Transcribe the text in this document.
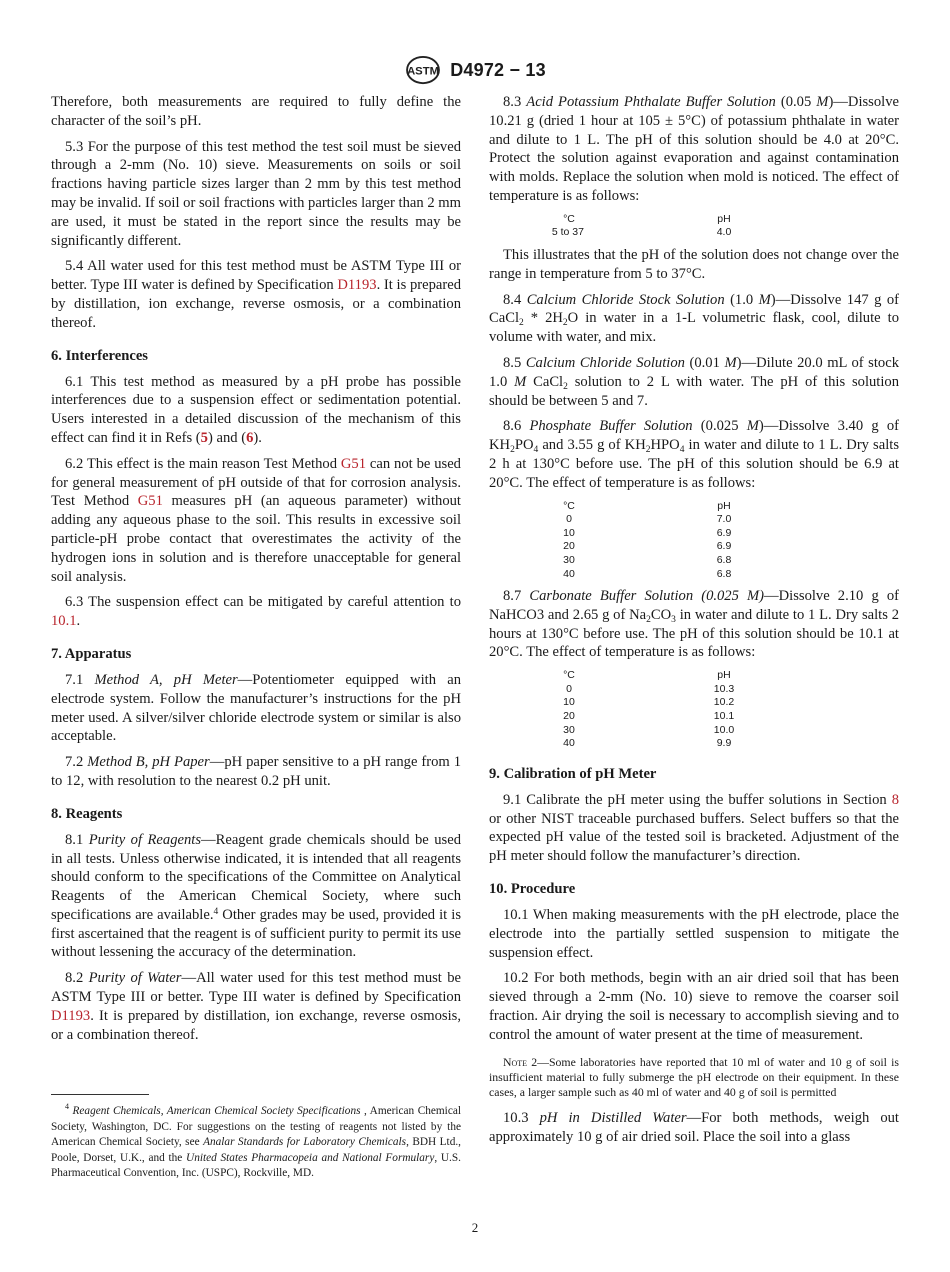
ASTM D4972 − 13

Therefore, both measurements are required to fully define the character of the soil’s pH.

5.3 For the purpose of this test method the test soil must be sieved through a 2-mm (No. 10) sieve. Measurements on soils or soil fractions having particle sizes larger than 2 mm by this test method may be invalid. If soil or soil fractions with particles larger than 2 mm are used, it must be stated in the report since the results may be significantly different.

5.4 All water used for this test method must be ASTM Type III or better. Type III water is defined by Specification D1193. It is prepared by distillation, ion exchange, reverse osmosis, or a combination thereof.

6. Interferences

6.1 This test method as measured by a pH probe has possible interferences due to a suspension effect or sedimentation potential. Users interested in a detailed discussion of the mechanism of this effect can find it in Refs (5) and (6).

6.2 This effect is the main reason Test Method G51 can not be used for general measurement of pH outside of that for corrosion analysis. Test Method G51 measures pH (an aqueous parameter) without adding any aqueous phase to the soil. This results in excessive soil particle-pH probe contact that overestimates the activity of the hydrogen ions in solution and is therefore unacceptable for general soil analysis.

6.3 The suspension effect can be mitigated by careful attention to 10.1.

7. Apparatus

7.1 Method A, pH Meter—Potentiometer equipped with an electrode system. Follow the manufacturer’s instructions for the pH meter used. A silver/silver chloride electrode system or similar is also acceptable.

7.2 Method B, pH Paper—pH paper sensitive to a pH range from 1 to 12, with resolution to the nearest 0.2 pH unit.

8. Reagents

8.1 Purity of Reagents—Reagent grade chemicals should be used in all tests. Unless otherwise indicated, it is intended that all reagents should conform to the specifications of the Committee on Analytical Reagents of the American Chemical Society, where such specifications are available.$^4$ Other grades may be used, provided it is first ascertained that the reagent is of sufficient purity to permit its use without lessening the accuracy of the determination.

8.2 Purity of Water—All water used for this test method must be ASTM Type III or better. Type III water is defined by Specification D1193. It is prepared by distillation, ion exchange, reverse osmosis, or a combination thereof.

$^4$ Reagent Chemicals, American Chemical Society Specifications , American Chemical Society, Washington, DC. For suggestions on the testing of reagents not listed by the American Chemical Society, see Analar Standards for Laboratory Chemicals, BDH Ltd., Poole, Dorset, U.K., and the United States Pharmacopeia and National Formulary, U.S. Pharmaceutical Convention, Inc. (USPC), Rockville, MD.

8.3 Acid Potassium Phthalate Buffer Solution (0.05 M)—Dissolve 10.21 g (dried 1 hour at 105 ± 5°C) of potassium phthalate in water and dilute to 1 L. The pH of this solution should be 4.0 at 20°C. Protect the solution against evaporation and against contamination with molds. Replace the solution when mold is noticed. The effect of temperature is as follows:

°C	pH	
5 to 37	4.0	

This illustrates that the pH of the solution does not change over the range in temperature from 5 to 37°C.

8.4 Calcium Chloride Stock Solution (1.0 M)—Dissolve 147 g of CaCl$_2$ * $2H_2O$ in water in a 1-L volumetric flask, cool, dilute to volume with water, and mix.

8.5 Calcium Chloride Solution (0.01 M)—Dilute 20.0 mL of stock 1.0 M CaCl$_2$ solution to 2 L with water. The pH of this solution should be between 5 and 7.

8.6 Phosphate Buffer Solution (0.025 M)—Dissolve 3.40 g of $KH_2PO_4$ and 3.55 g of $KH_2HPO_4$ in water and dilute to 1 L. Dry salts 2 h at 130°C before use. The pH of this solution should be 6.9 at 20°C. The effect of temperature is as follows:

°C	pH	
0	7.0	
10	6.9	
20	6.9	
30	6.8	
40	6.8	

8.7 Carbonate Buffer Solution (0.025 M)—Dissolve 2.10 g of NaHCO3 and 2.65 g of $Na_2CO_3$ in water and dilute to 1 L. Dry salts 2 hours at 130°C before use. The pH of this solution should be 10.1 at 20°C. The effect of temperature is as follows:

°C	pH	
0	10.3	
10	10.2	
20	10.1	
30	10.0	
40	9.9	
9. Calibration of pH Meter

9.1 Calibrate the pH meter using the buffer solutions in Section 8 or other NIST traceable purchased buffers. Select buffers so that the expected pH value of the tested soil is bracketed. Adjustment of the pH meter should follow the manufacturer’s direction.

10. Procedure

10.1 When making measurements with the pH electrode, place the electrode into the partially settled suspension to mitigate the suspension effect.

10.2 For both methods, begin with an air dried soil that has been sieved through a 2-mm (No. 10) sieve to remove the coarser soil fraction. Air drying the soil is necessary to accomplish sieving and to control the amount of water present at the time of measurement.

Note 2—Some laboratories have reported that 10 ml of water and 10 g of soil is insufficient material to fully submerge the pH electrode on their equipment. In these cases, a larger sample such as 40 ml of water and 40 g of soil is permitted

10.3 pH in Distilled Water—For both methods, weigh out approximately 10 g of air dried soil. Place the soil into a glass

2
